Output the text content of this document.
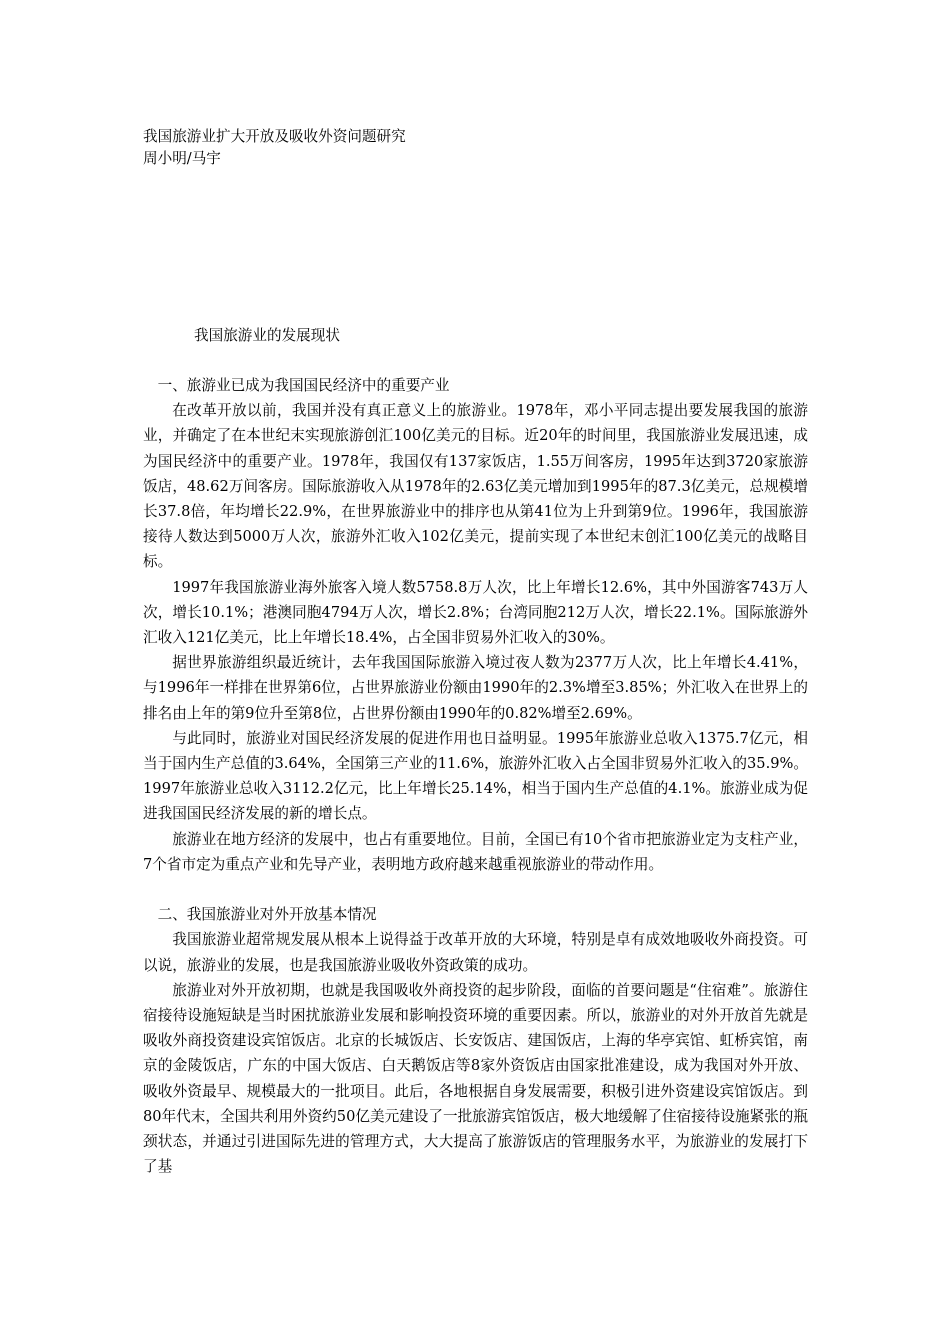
我国旅游业扩大开放及吸收外资问题研究
周小明/马宇
我国旅游业的发展现状
一、旅游业已成为我国国民经济中的重要产业

在改革开放以前，我国并没有真正意义上的旅游业。1978年，邓小平同志提出要发展我国的旅游业，并确定了在本世纪末实现旅游创汇100亿美元的目标。近20年的时间里，我国旅游业发展迅速，成为国民经济中的重要产业。1978年，我国仅有137家饭店，1.55万间客房，1995年达到3720家旅游饭店，48.62万间客房。国际旅游收入从1978年的2.63亿美元增加到1995年的87.3亿美元，总规模增长37.8倍，年均增长22.9%，在世界旅游业中的排序也从第41位为上升到第9位。1996年，我国旅游接待人数达到5000万人次，旅游外汇收入102亿美元，提前实现了本世纪末创汇100亿美元的战略目标。

1997年我国旅游业海外旅客入境人数5758.8万人次，比上年增长12.6%，其中外国游客743万人次，增长10.1%；港澳同胞4794万人次，增长2.8%；台湾同胞212万人次，增长22.1%。国际旅游外汇收入121亿美元，比上年增长18.4%，占全国非贸易外汇收入的30%。

据世界旅游组织最近统计，去年我国国际旅游入境过夜人数为2377万人次，比上年增长4.41%，与1996年一样排在世界第6位，占世界旅游业份额由1990年的2.3%增至3.85%；外汇收入在世界上的排名由上年的第9位升至第8位，占世界份额由1990年的0.82%增至2.69%。

与此同时，旅游业对国民经济发展的促进作用也日益明显。1995年旅游业总收入1375.7亿元，相当于国内生产总值的3.64%，全国第三产业的11.6%，旅游外汇收入占全国非贸易外汇收入的35.9%。1997年旅游业总收入3112.2亿元，比上年增长25.14%，相当于国内生产总值的4.1%。旅游业成为促进我国国民经济发展的新的增长点。

旅游业在地方经济的发展中，也占有重要地位。目前，全国已有10个省市把旅游业定为支柱产业，7个省市定为重点产业和先导产业，表明地方政府越来越重视旅游业的带动作用。

二、我国旅游业对外开放基本情况

我国旅游业超常规发展从根本上说得益于改革开放的大环境，特别是卓有成效地吸收外商投资。可以说，旅游业的发展，也是我国旅游业吸收外资政策的成功。

旅游业对外开放初期，也就是我国吸收外商投资的起步阶段，面临的首要问题是“住宿难”。旅游住宿接待设施短缺是当时困扰旅游业发展和影响投资环境的重要因素。所以，旅游业的对外开放首先就是吸收外商投资建设宾馆饭店。北京的长城饭店、长安饭店、建国饭店，上海的华亭宾馆、虹桥宾馆，南京的金陵饭店，广东的中国大饭店、白天鹅饭店等8家外资饭店由国家批准建设，成为我国对外开放、吸收外资最早、规模最大的一批项目。此后，各地根据自身发展需要，积极引进外资建设宾馆饭店。到80年代末，全国共利用外资约50亿美元建设了一批旅游宾馆饭店，极大地缓解了住宿接待设施紧张的瓶颈状态，并通过引进国际先进的管理方式，大大提高了旅游饭店的管理服务水平，为旅游业的发展打下了基
